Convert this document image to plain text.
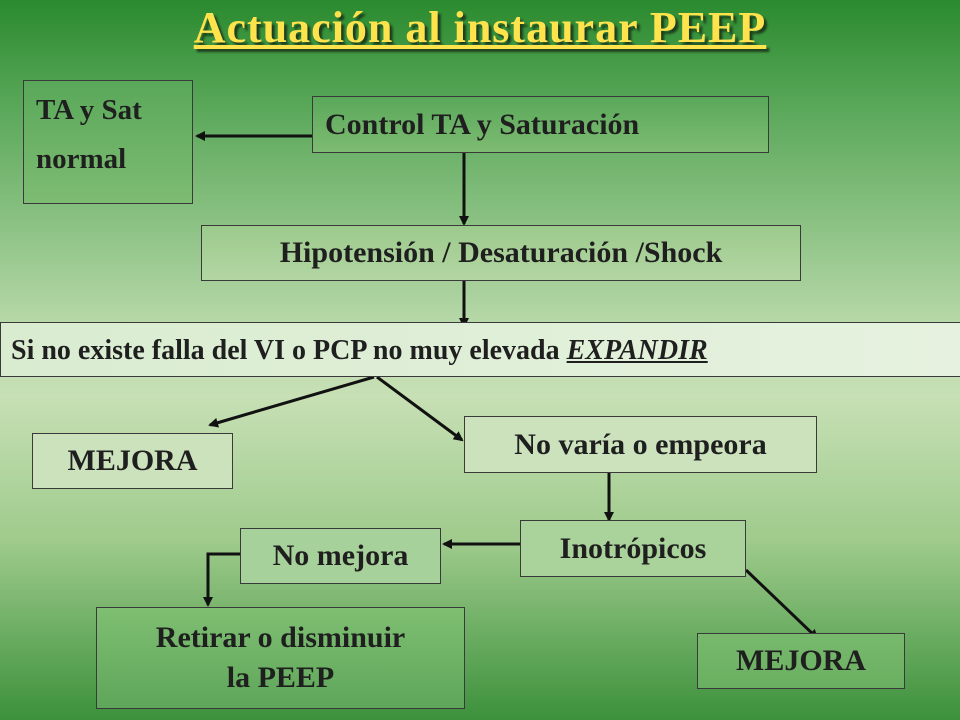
Actuación al instaurar PEEP
TA y Sat
normal
Control TA y Saturación
Hipotensión / Desaturación /Shock
Si no existe falla del VI o PCP no muy elevada EXPANDIR
MEJORA	No varía o empeora
Inotrópicos
No mejora
Retirar o disminuir
la PEEP
MEJORA
